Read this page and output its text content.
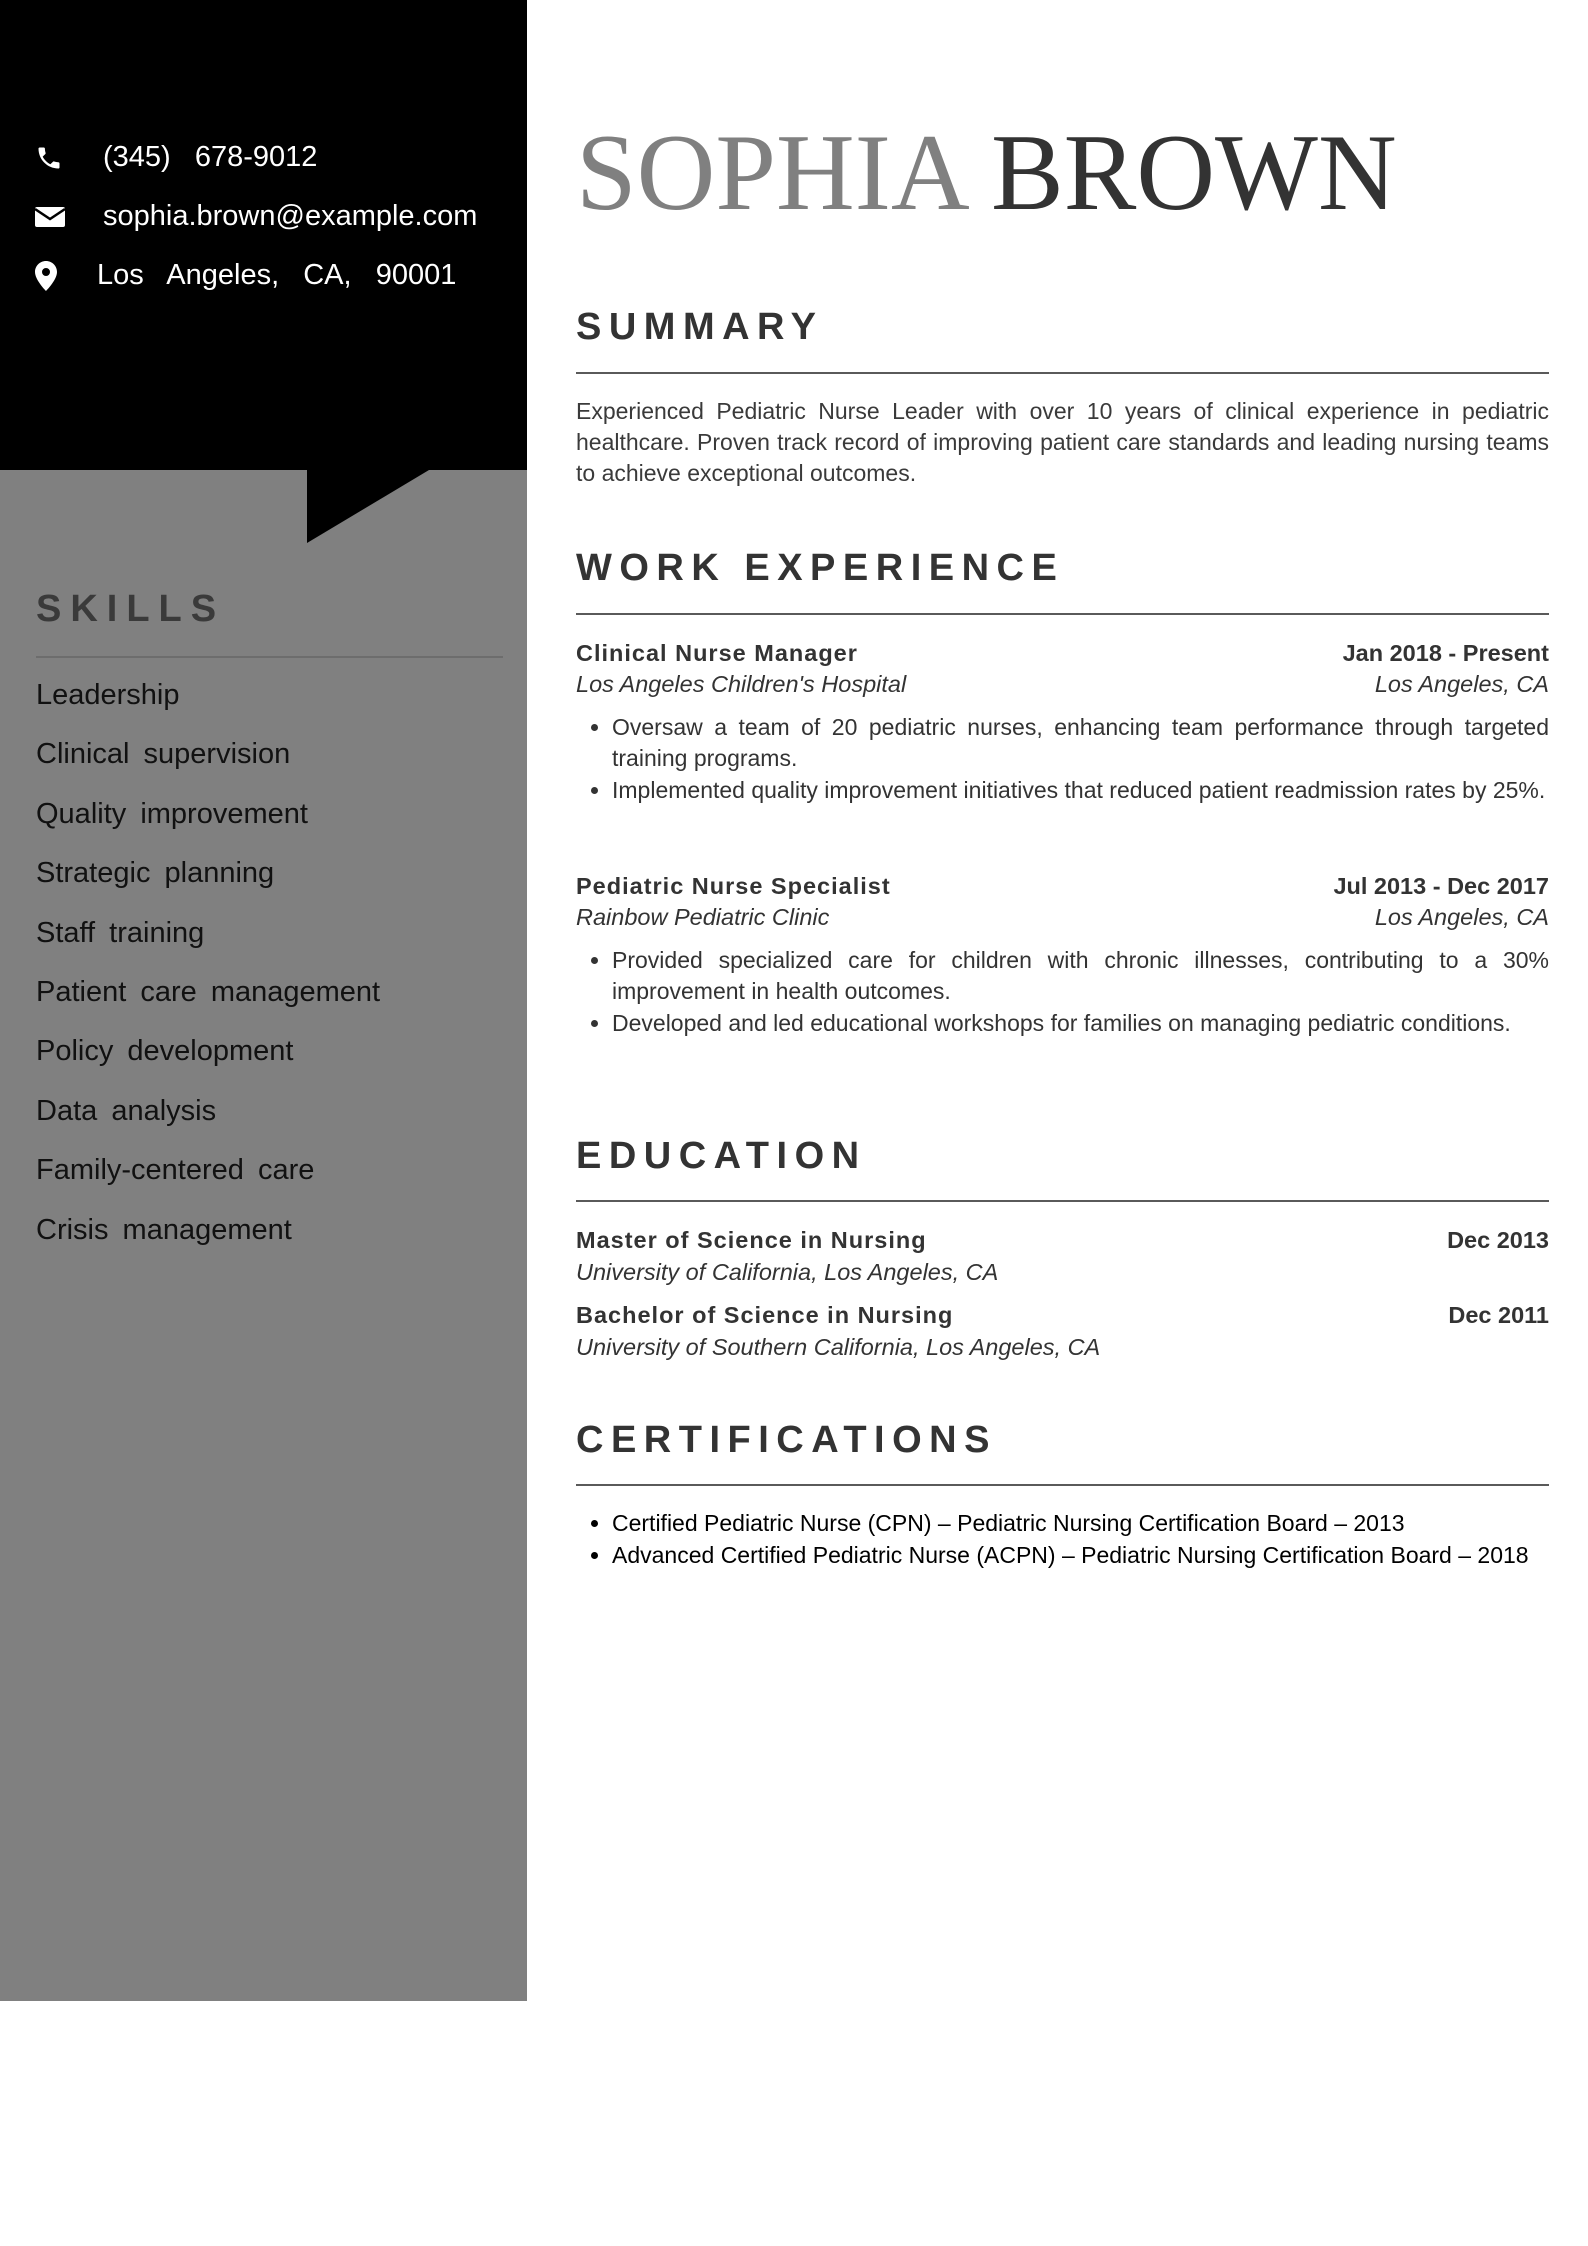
(345)  678-9012
sophia.brown@example.com
Los  Angeles,  CA,  90001
SKILLS
Leadership
Clinical supervision
Quality improvement
Strategic planning
Staff training
Patient care management
Policy development
Data analysis
Family-centered care
Crisis management
SOPHIA BROWN
SUMMARY

Experienced Pediatric Nurse Leader with over 10 years of clinical experience in pediatric healthcare. Proven track record of improving patient care standards and leading nursing teams to achieve exceptional outcomes.

WORK EXPERIENCE
Clinical Nurse Manager	Jan 2018 - Present
Los Angeles Children's Hospital	Los Angeles, CA
• Oversaw a team of 20 pediatric nurses, enhancing team performance through targeted training programs.
• Implemented quality improvement initiatives that reduced patient readmission rates by 25%.
Pediatric Nurse Specialist	Jul 2013 - Dec 2017
Rainbow Pediatric Clinic	Los Angeles, CA
• Provided specialized care for children with chronic illnesses, contributing to a 30% improvement in health outcomes.
• Developed and led educational workshops for families on managing pediatric conditions.
EDUCATION
Master of Science in Nursing	Dec 2013
University of California, Los Angeles, CA
Bachelor of Science in Nursing	Dec 2011
University of Southern California, Los Angeles, CA
CERTIFICATIONS
• Certified Pediatric Nurse (CPN) – Pediatric Nursing Certification Board – 2013
• Advanced Certified Pediatric Nurse (ACPN) – Pediatric Nursing Certification Board – 2018
